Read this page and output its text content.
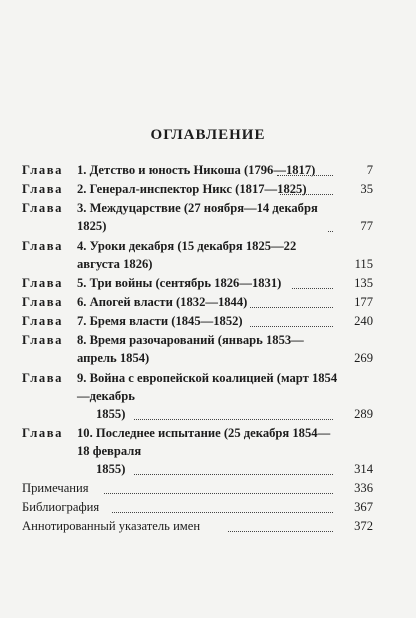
ОГЛАВЛЕНИЕ
Глава	1. Детство и юность Никоша (1796—1817)	7
Глава	2. Генерал-инспектор Никс (1817—1825)	35
Глава	3. Междуцарствие (27 ноября—14 декабря 1825)	77
Глава	4. Уроки декабря (15 декабря 1825—22 августа 1826)	115
Глава	5. Три войны (сентябрь 1826—1831)	135
Глава	6. Апогей власти (1832—1844)	177
Глава	7. Бремя власти (1845—1852)	240
Глава	8. Время разочарований (январь 1853—апрель 1854)	269
Глава	9. Война с европейской коалицией (март 1854—декабрь
1855)	289
Глава	10. Последнее испытание (25 декабря 1854—18 февраля
1855)	314
Примечания	336
Библиография	367
Аннотированный указатель имен	372
